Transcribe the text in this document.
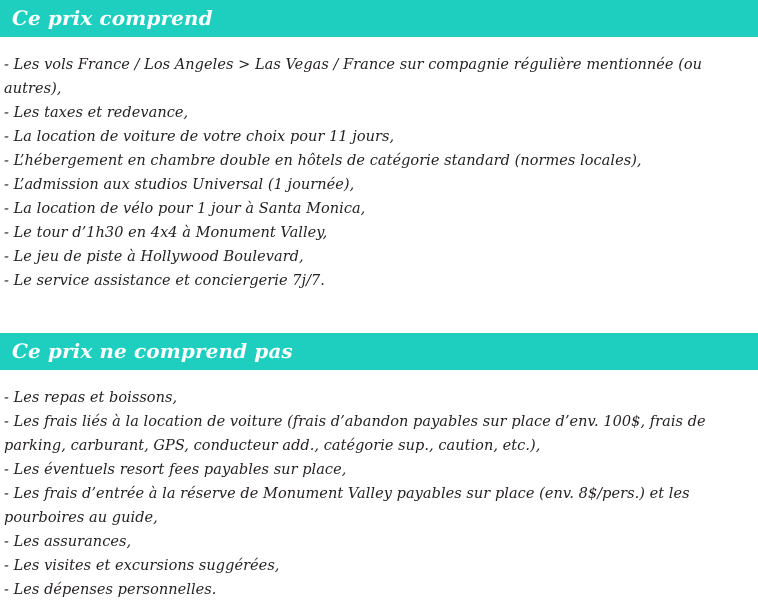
Ce prix comprend
- Les vols France / Los Angeles > Las Vegas / France sur compagnie régulière mentionnée (ou autres),
- Les taxes et redevance,
- La location de voiture de votre choix pour 11 jours,
- L’hébergement en chambre double en hôtels de catégorie standard (normes locales),
- L’admission aux studios Universal (1 journée),
- La location de vélo pour 1 jour à Santa Monica,
- Le tour d’1h30 en 4x4 à Monument Valley,
- Le jeu de piste à Hollywood Boulevard,
- Le service assistance et conciergerie 7j/7.
Ce prix ne comprend pas
- Les repas et boissons,
- Les frais liés à la location de voiture (frais d’abandon payables sur place d’env. 100$, frais de parking, carburant, GPS, conducteur add., catégorie sup., caution, etc.),
- Les éventuels resort fees payables sur place,
- Les frais d’entrée à la réserve de Monument Valley payables sur place (env. 8$/pers.) et les pourboires au guide,
- Les assurances,
- Les visites et excursions suggérées,
- Les dépenses personnelles.
